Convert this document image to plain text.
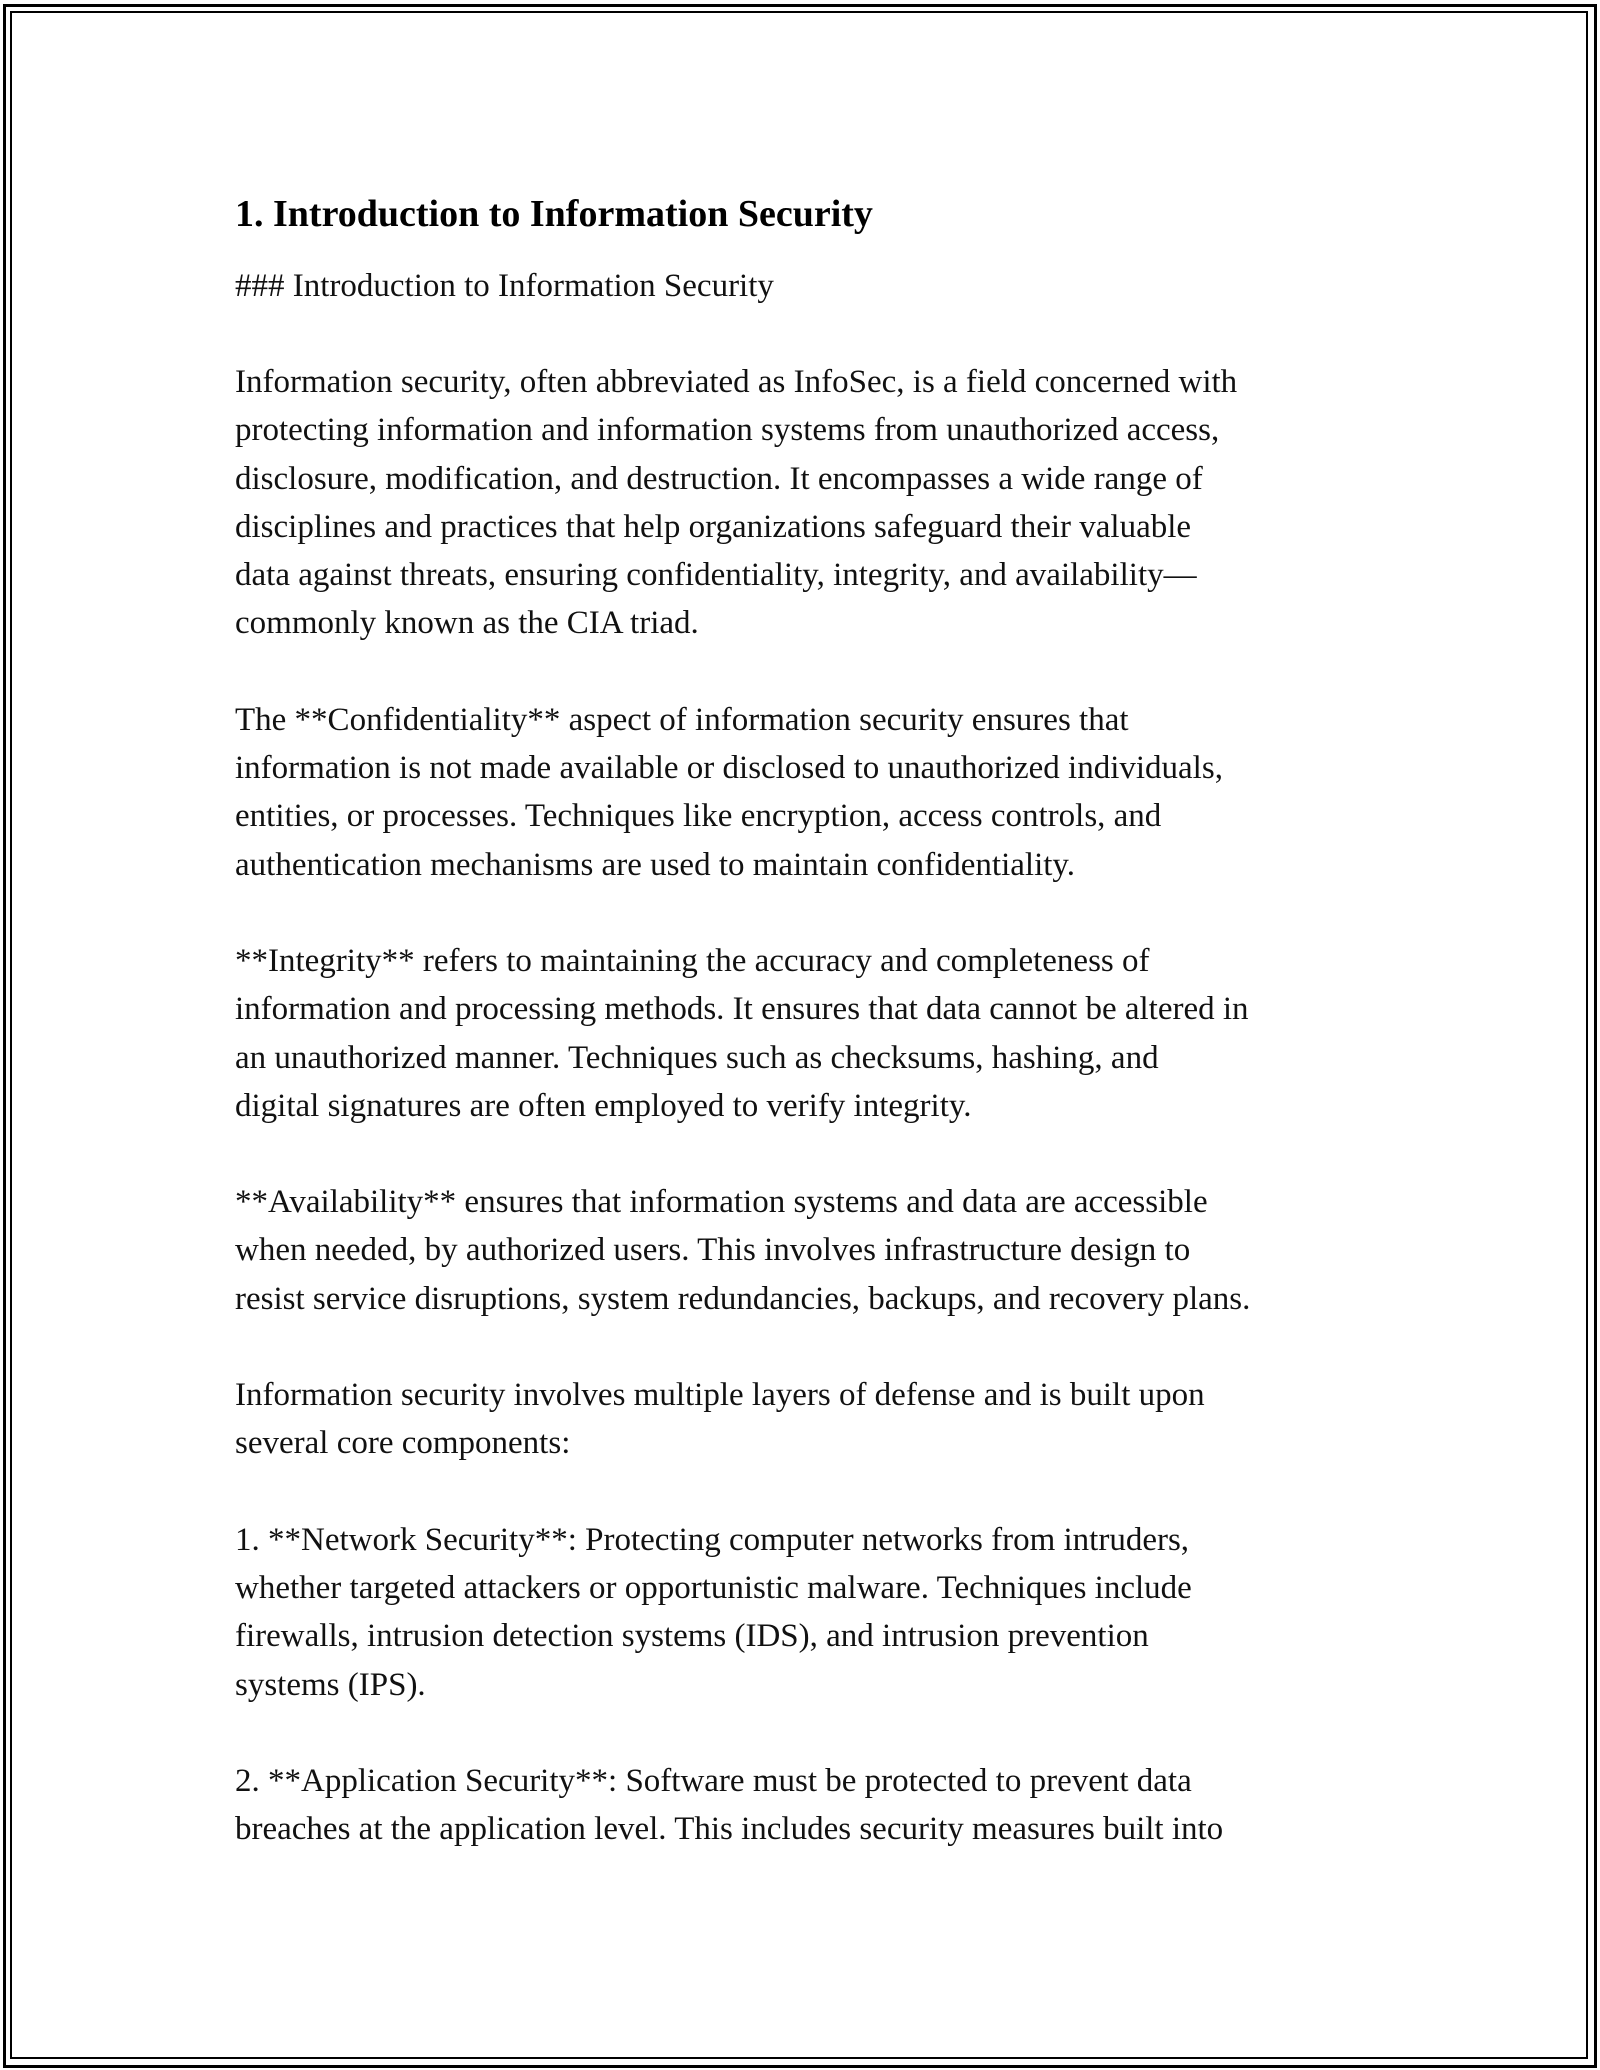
1. Introduction to Information Security
### Introduction to Information Security

Information security, often abbreviated as InfoSec, is a field concerned with
protecting information and information systems from unauthorized access,
disclosure, modification, and destruction. It encompasses a wide range of
disciplines and practices that help organizations safeguard their valuable
data against threats, ensuring confidentiality, integrity, and availability—
commonly known as the CIA triad.

The **Confidentiality** aspect of information security ensures that
information is not made available or disclosed to unauthorized individuals,
entities, or processes. Techniques like encryption, access controls, and
authentication mechanisms are used to maintain confidentiality.

**Integrity** refers to maintaining the accuracy and completeness of
information and processing methods. It ensures that data cannot be altered in
an unauthorized manner. Techniques such as checksums, hashing, and
digital signatures are often employed to verify integrity.

**Availability** ensures that information systems and data are accessible
when needed, by authorized users. This involves infrastructure design to
resist service disruptions, system redundancies, backups, and recovery plans.

Information security involves multiple layers of defense and is built upon
several core components:

1. **Network Security**: Protecting computer networks from intruders,
whether targeted attackers or opportunistic malware. Techniques include
firewalls, intrusion detection systems (IDS), and intrusion prevention
systems (IPS).

2. **Application Security**: Software must be protected to prevent data
breaches at the application level. This includes security measures built into
